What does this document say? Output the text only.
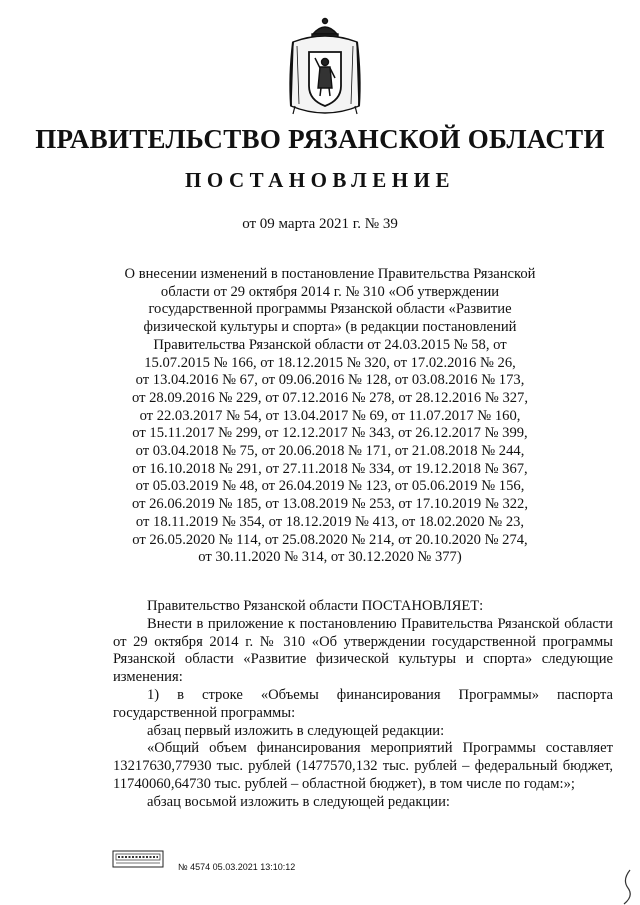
ПРАВИТЕЛЬСТВО РЯЗАНСКОЙ ОБЛАСТИ
ПОСТАНОВЛЕНИЕ
от 09 марта 2021 г. № 39
О внесении изменений в постановление Правительства Рязанской
области от 29 октября 2014 г. № 310 «Об утверждении
государственной программы Рязанской области «Развитие
физической культуры и спорта» (в редакции постановлений
Правительства Рязанской области от 24.03.2015 № 58, от
15.07.2015 № 166, от 18.12.2015 № 320, от 17.02.2016 № 26,
от 13.04.2016 № 67, от 09.06.2016 № 128, от 03.08.2016 № 173,
от 28.09.2016 № 229, от 07.12.2016 № 278, от 28.12.2016 № 327,
от 22.03.2017 № 54, от 13.04.2017 № 69, от 11.07.2017 № 160,
от 15.11.2017 № 299, от 12.12.2017 № 343, от 26.12.2017 № 399,
от 03.04.2018 № 75, от 20.06.2018 № 171, от 21.08.2018 № 244,
от 16.10.2018 № 291, от 27.11.2018 № 334, от 19.12.2018 № 367,
от 05.03.2019 № 48, от 26.04.2019 № 123, от 05.06.2019 № 156,
от 26.06.2019 № 185, от 13.08.2019 № 253, от 17.10.2019 № 322,
от 18.11.2019 № 354, от 18.12.2019 № 413, от 18.02.2020 № 23,
от 26.05.2020 № 114, от 25.08.2020 № 214, от 20.10.2020 № 274,
от 30.11.2020 № 314, от 30.12.2020 № 377)

Правительство Рязанской области ПОСТАНОВЛЯЕТ:

Внести в приложение к постановлению Правительства Рязанской области от 29 октября 2014 г. № 310 «Об утверждении государственной программы Рязанской области «Развитие физической культуры и спорта» следующие изменения:

1) в строке «Объемы финансирования Программы» паспорта государственной программы:

абзац первый изложить в следующей редакции:

«Общий объем финансирования мероприятий Программы составляет 13217630,77930 тыс. рублей (1477570,132 тыс. рублей – федеральный бюджет, 11740060,64730 тыс. рублей – областной бюджет), в том числе по годам:»;

абзац восьмой изложить в следующей редакции:

№ 4574 05.03.2021 13:10:12
